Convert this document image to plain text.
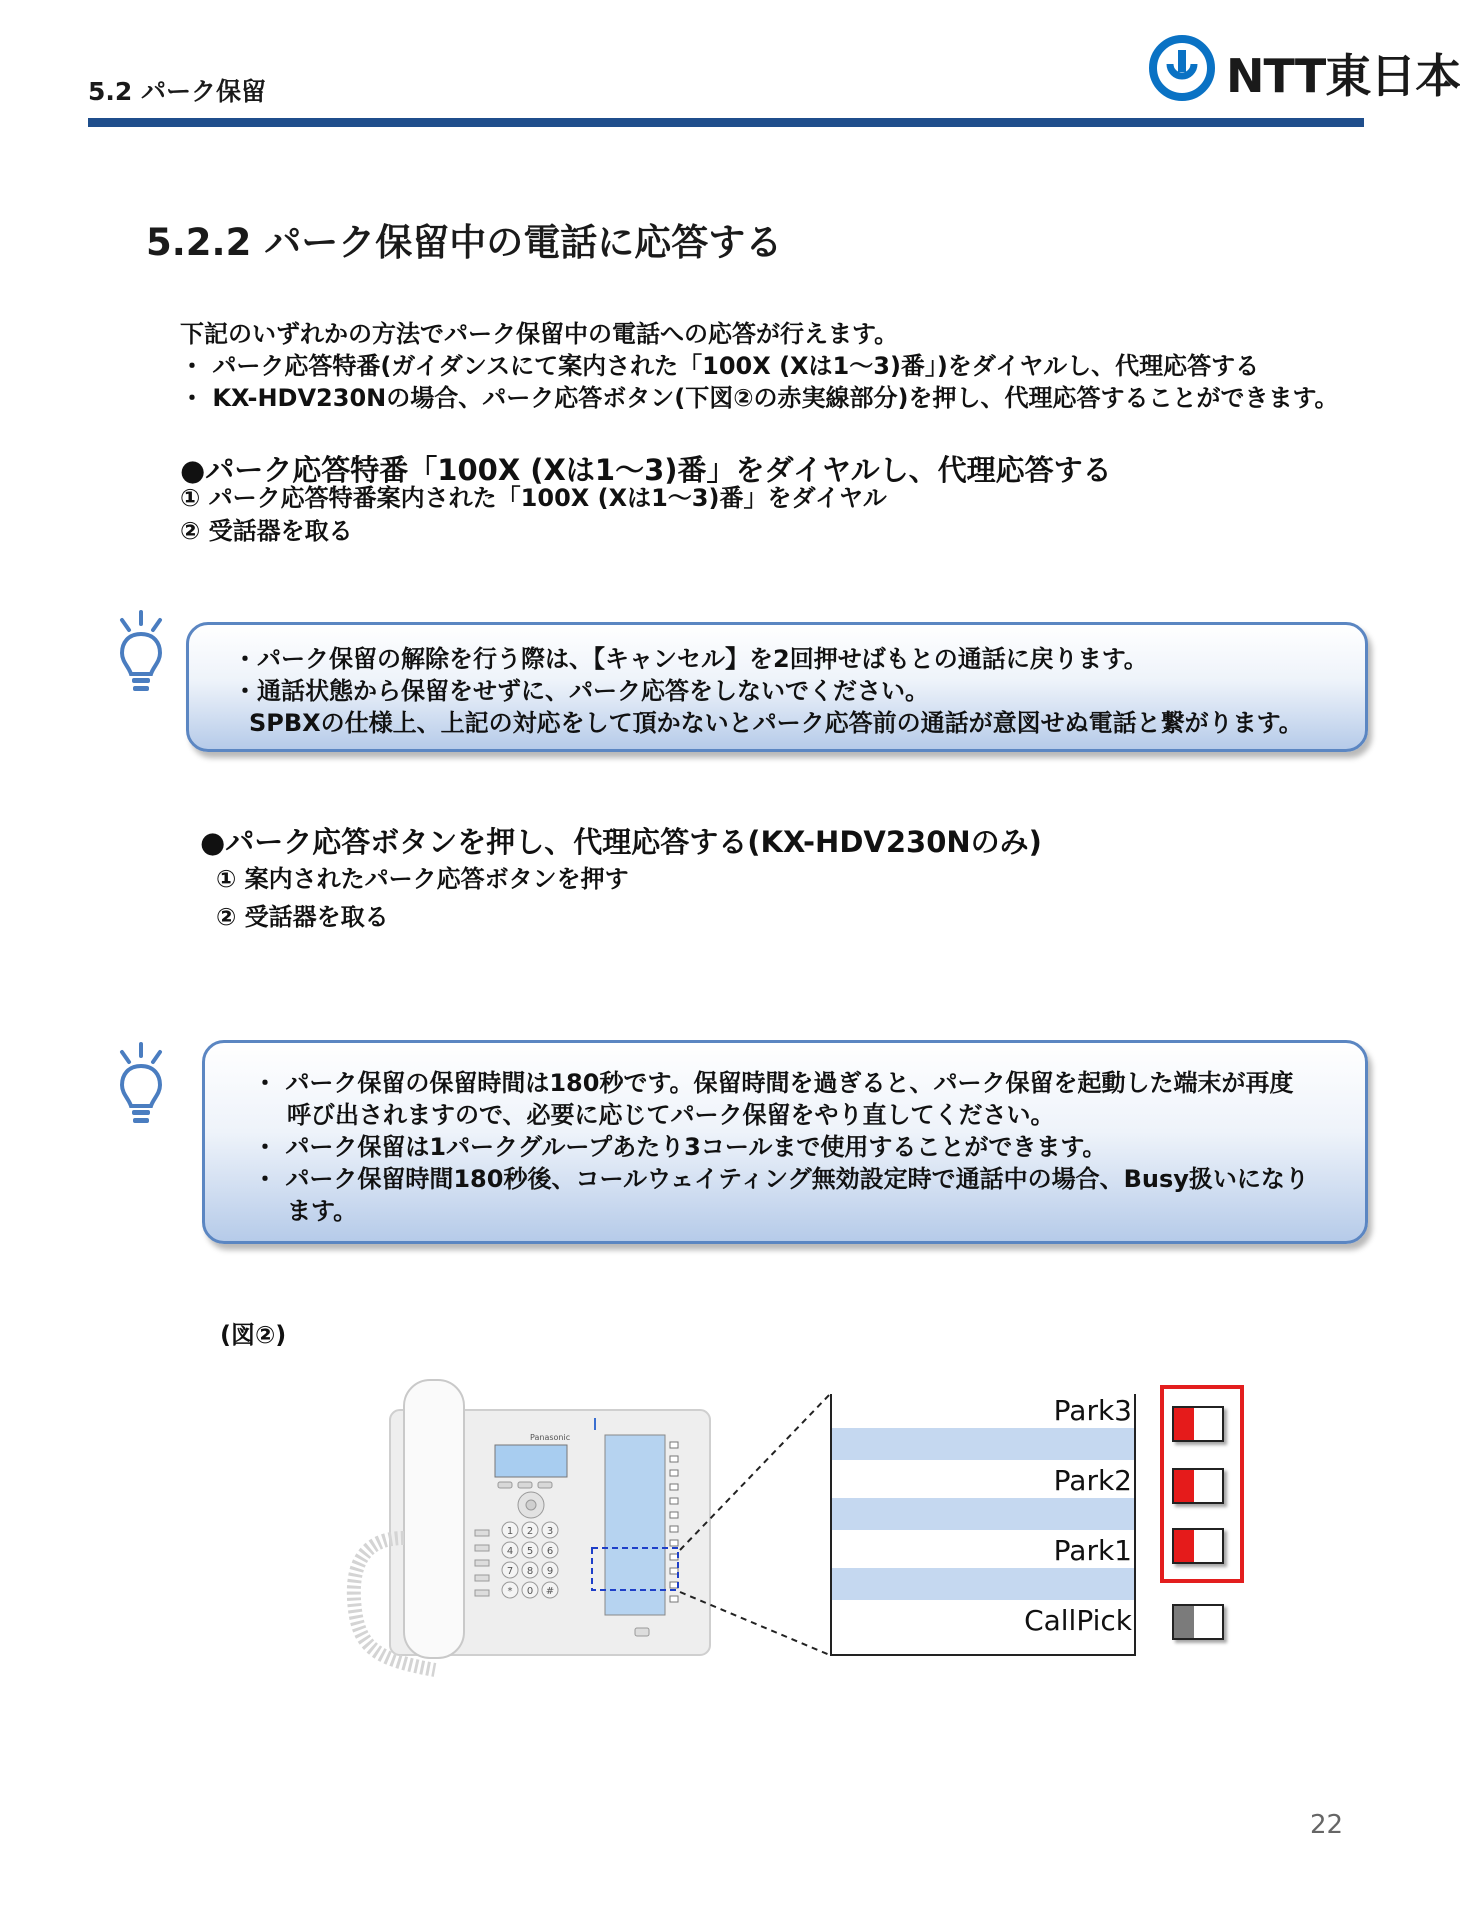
5.2 パーク保留	NTT東日本
5.2.2 パーク保留中の電話に応答する
下記のいずれかの方法でパーク保留中の電話への応答が行えます。
・ パーク応答特番(ガイダンスにて案内された「100X (Xは1～3)番」)をダイヤルし、代理応答する
・ KX-HDV230Nの場合、パーク応答ボタン(下図②の赤実線部分)を押し、代理応答することができます。
●パーク応答特番「100X (Xは1～3)番」をダイヤルし、代理応答する
① パーク応答特番案内された「100X (Xは1～3)番」をダイヤル
② 受話器を取る
・パーク保留の解除を行う際は、【キャンセル】を2回押せばもとの通話に戻ります。
・通話状態から保留をせずに、パーク応答をしないでください。
SPBXの仕様上、上記の対応をして頂かないとパーク応答前の通話が意図せぬ電話と繋がります。
●パーク応答ボタンを押し、代理応答する(KX-HDV230Nのみ)
① 案内されたパーク応答ボタンを押す
② 受話器を取る
・ パーク保留の保留時間は180秒です。保留時間を過ぎると、パーク保留を起動した端末が再度
呼び出されますので、必要に応じてパーク保留をやり直してください。
・ パーク保留は1パークグループあたり3コールまで使用することができます。
・ パーク保留時間180秒後、コールウェイティング無効設定時で通話中の場合、Busy扱いになり
ます。
(図②)
Panasonic
1 2 3
4 5 6
7 8 9
* 0 #
Park3
Park2
Park1
CallPick
22
